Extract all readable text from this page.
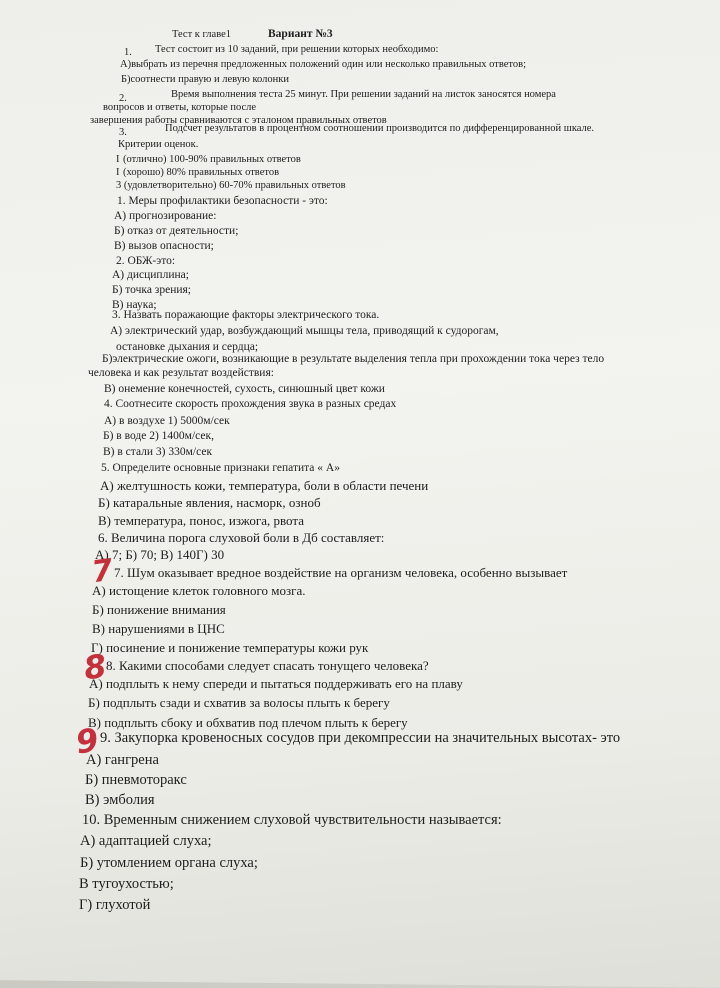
Тест к главе1	Вариант №3
1. Тест состоит из 10 заданий, при решении которых необходимо:
А)выбрать из перечня предложенных положений один или несколько правильных ответов;
Б)соотнести правую и левую колонки
2.	Время выполнения теста 25 минут. При решении заданий на листок заносятся номера
вопросов и ответы, которые после
завершения работы сравниваются с эталоном правильных ответов
3.	Подсчет результатов в процентном соотношении производится по дифференцированной шкале.
Критерии оценок.
I (отлично) 100-90% правильных ответов
I (хорошо) 80% правильных ответов
3 (удовлетворительно) 60-70% правильных ответов
1. Меры профилактики безопасности - это:
А) прогнозирование:
Б) отказ от деятельности;
В) вызов опасности;
2. ОБЖ-это:
А) дисциплина;
Б) точка зрения;
В) наука;
3. Назвать поражающие факторы электрического тока.
А) электрический удар, возбуждающий мышцы тела, приводящий к судорогам,
остановке дыхания и сердца;
Б)электрические ожоги, возникающие в результате выделения тепла при прохождении тока через тело
человека и как результат воздействия:
В) онемение конечностей, сухость, синюшный цвет кожи
4. Соотнесите скорость прохождения звука в разных средах
А) в воздухе 1) 5000м/сек
Б) в воде 2) 1400м/сек,
В) в стали 3) 330м/сек
5. Определите основные признаки гепатита « А»
А) желтушность кожи, температура, боли в области печени
Б) катаральные явления, насморк, озноб
В) температура, понос, изжога, рвота
6. Величина порога слуховой боли в Дб составляет:
А) 7; Б) 70; В) 140Г) 30
7
7. Шум оказывает вредное воздействие на организм человека, особенно вызывает
А) истощение клеток головного мозга.
Б) понижение внимания
В) нарушениями в ЦНС
Г) посинение и понижение температуры кожи рук
8
8. Какими способами следует спасать тонущего человека?
А) подплыть к нему спереди и пытаться поддерживать его на плаву
Б) подплыть сзади и схватив за волосы плыть к берегу
В) подплыть сбоку и обхватив под плечом плыть к берегу
9 9. Закупорка кровеносных сосудов при декомпрессии на значительных высотах- это
А) гангрена
Б) пневмоторакс
В) эмболия
10. Временным снижением слуховой чувствительности называется:
А) адаптацией слуха;
Б) утомлением органа слуха;
В тугоухостью;
Г) глухотой
